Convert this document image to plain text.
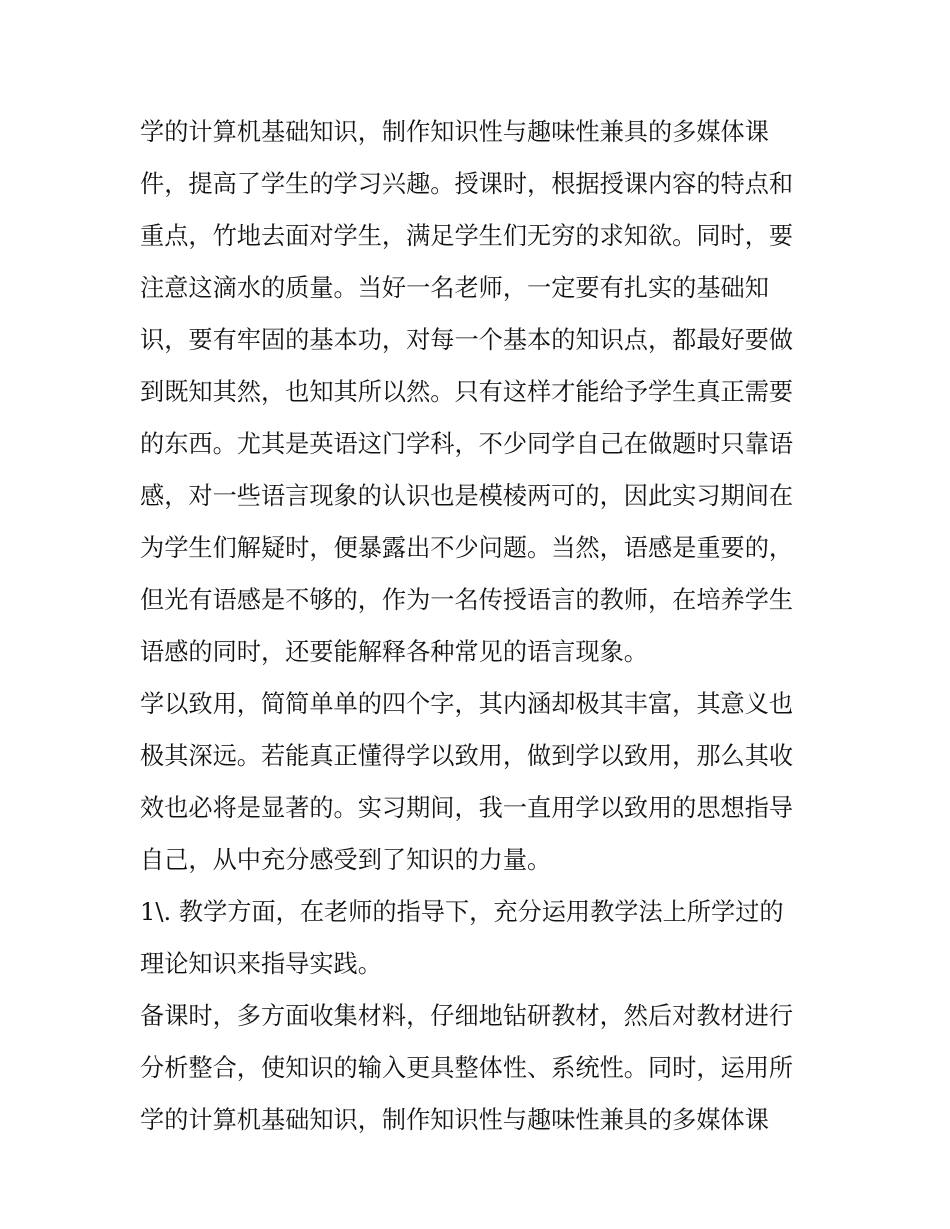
学的计算机基础知识，制作知识性与趣味性兼具的多媒体课
件，提高了学生的学习兴趣。授课时，根据授课内容的特点和
重点，竹地去面对学生，满足学生们无穷的求知欲。同时，要
注意这滴水的质量。当好一名老师，一定要有扎实的基础知
识，要有牢固的基本功，对每一个基本的知识点，都最好要做
到既知其然，也知其所以然。只有这样才能给予学生真正需要
的东西。尤其是英语这门学科，不少同学自己在做题时只靠语
感，对一些语言现象的认识也是模棱两可的，因此实习期间在
为学生们解疑时，便暴露出不少问题。当然，语感是重要的，
但光有语感是不够的，作为一名传授语言的教师，在培养学生
语感的同时，还要能解释各种常见的语言现象。
学以致用，简简单单的四个字，其内涵却极其丰富，其意义也
极其深远。若能真正懂得学以致用，做到学以致用，那么其收
效也必将是显著的。实习期间，我一直用学以致用的思想指导
自己，从中充分感受到了知识的力量。
1\. 教学方面，在老师的指导下，充分运用教学法上所学过的
理论知识来指导实践。
备课时，多方面收集材料，仔细地钻研教材，然后对教材进行
分析整合，使知识的输入更具整体性、系统性。同时，运用所
学的计算机基础知识，制作知识性与趣味性兼具的多媒体课
